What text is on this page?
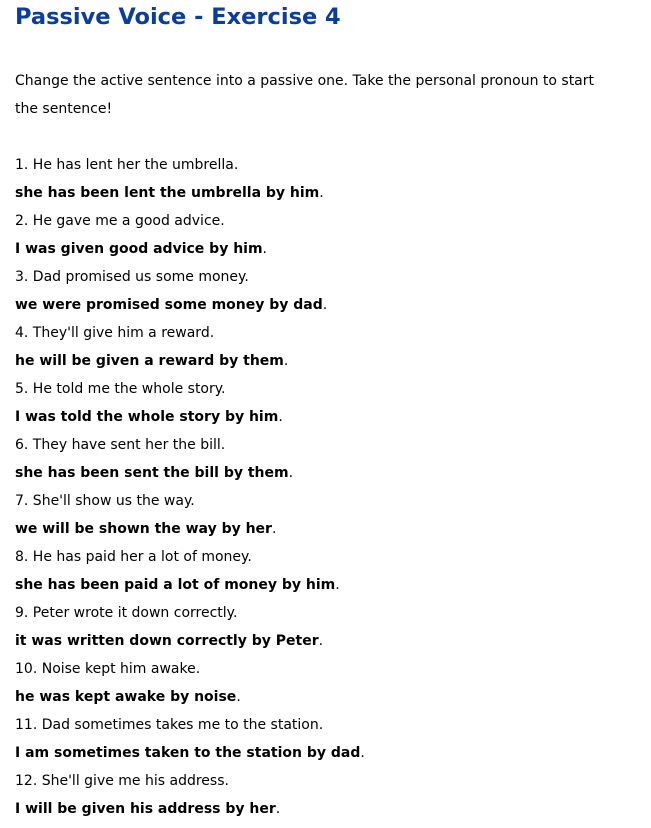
Passive Voice - Exercise 4
Change the active sentence into a passive one. Take the personal pronoun to start the sentence!
1. He has lent her the umbrella.
she has been lent the umbrella by him.
2. He gave me a good advice.
I was given good advice by him.
3. Dad promised us some money.
we were promised some money by dad.
4. They'll give him a reward.
he will be given a reward by them.
5. He told me the whole story.
I was told the whole story by him.
6. They have sent her the bill.
she has been sent the bill by them.
7. She'll show us the way.
we will be shown the way by her.
8. He has paid her a lot of money.
she has been paid a lot of money by him.
9. Peter wrote it down correctly.
it was written down correctly by Peter.
10. Noise kept him awake.
he was kept awake by noise.
11. Dad sometimes takes me to the station.
I am sometimes taken to the station by dad.
12. She'll give me his address.
I will be given his address by her.
